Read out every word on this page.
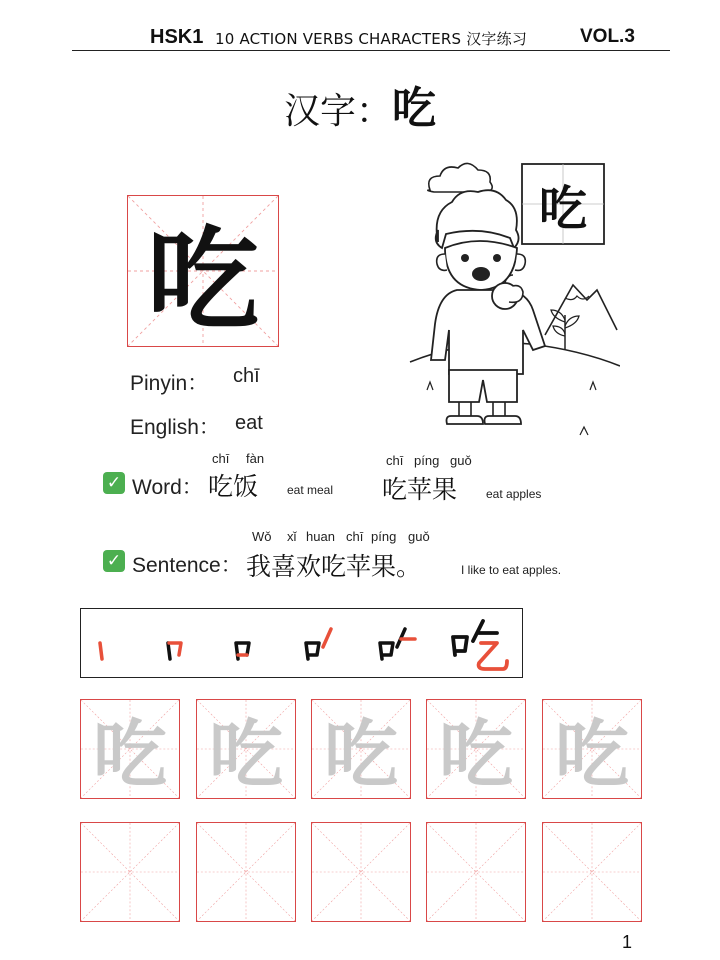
HSK1 10 ACTION VERBS CHARACTERS 汉字练习	VOL.3
汉字：吃
吃
吃
Pinyin： chī
English： eat
✓ Word：
chī fàn
吃饭 eat meal
chī píng guǒ
吃苹果 eat apples
✓ Sentence：
Wǒ xǐ huan chī píng guǒ
我喜欢吃苹果。	I like to eat apples.
吃 吃 吃 吃 吃
1
